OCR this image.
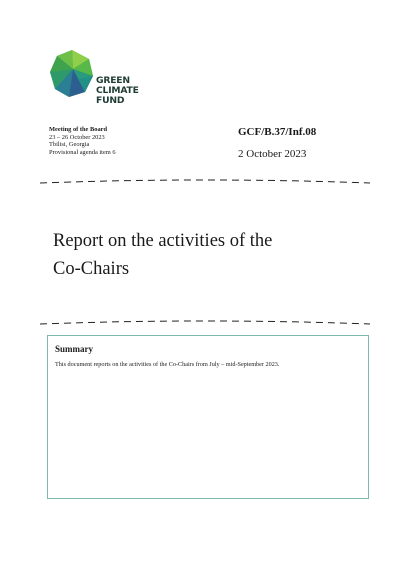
GREEN
CLIMATE
FUND
Meeting of the Board
23 – 26 October 2023
Tbilisi, Georgia
Provisional agenda item 6
GCF/B.37/Inf.08
2 October 2023
Report on the activities of the
Co-Chairs
Summary
This document reports on the activities of the Co-Chairs from July – mid-September 2023.
